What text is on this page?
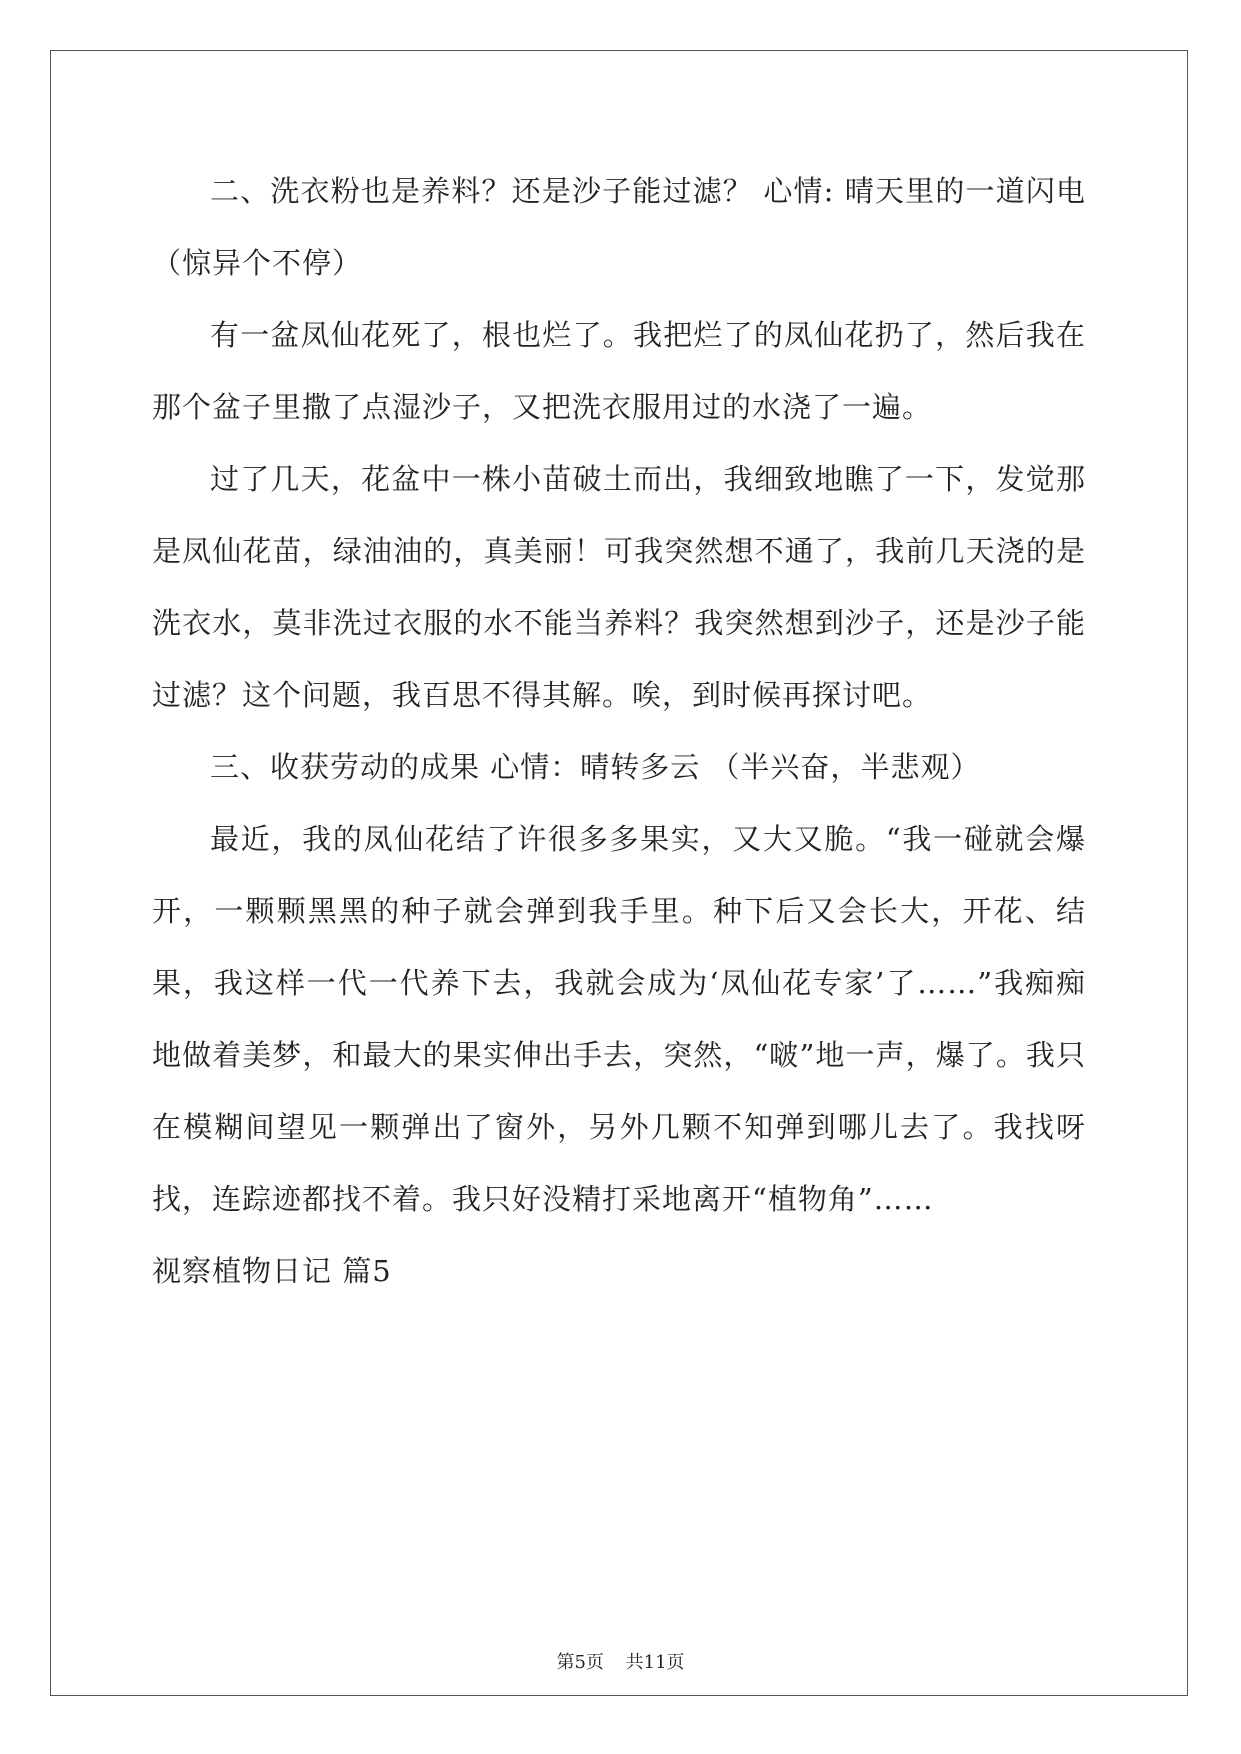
二、洗衣粉也是养料？还是沙子能过滤？ 心情: 晴天里的一道闪电（惊异个不停）

有一盆凤仙花死了，根也烂了。我把烂了的凤仙花扔了，然后我在那个盆子里撒了点湿沙子，又把洗衣服用过的水浇了一遍。

过了几天，花盆中一株小苗破土而出，我细致地瞧了一下，发觉那是凤仙花苗，绿油油的，真美丽！可我突然想不通了，我前几天浇的是洗衣水，莫非洗过衣服的水不能当养料？我突然想到沙子，还是沙子能过滤？这个问题，我百思不得其解。唉，到时候再探讨吧。

三、收获劳动的成果 心情：晴转多云 （半兴奋，半悲观）

最近，我的凤仙花结了许很多多果实，又大又脆。“我一碰就会爆开，一颗颗黑黑的种子就会弹到我手里。种下后又会长大，开花、结果，我这样一代一代养下去，我就会成为‘凤仙花专家’了……”我痴痴地做着美梦，和最大的果实伸出手去，突然，“啵”地一声，爆了。我只在模糊间望见一颗弹出了窗外，另外几颗不知弹到哪儿去了。我找呀找，连踪迹都找不着。我只好没精打采地离开“植物角”……

视察植物日记 篇5

第5页 共11页
